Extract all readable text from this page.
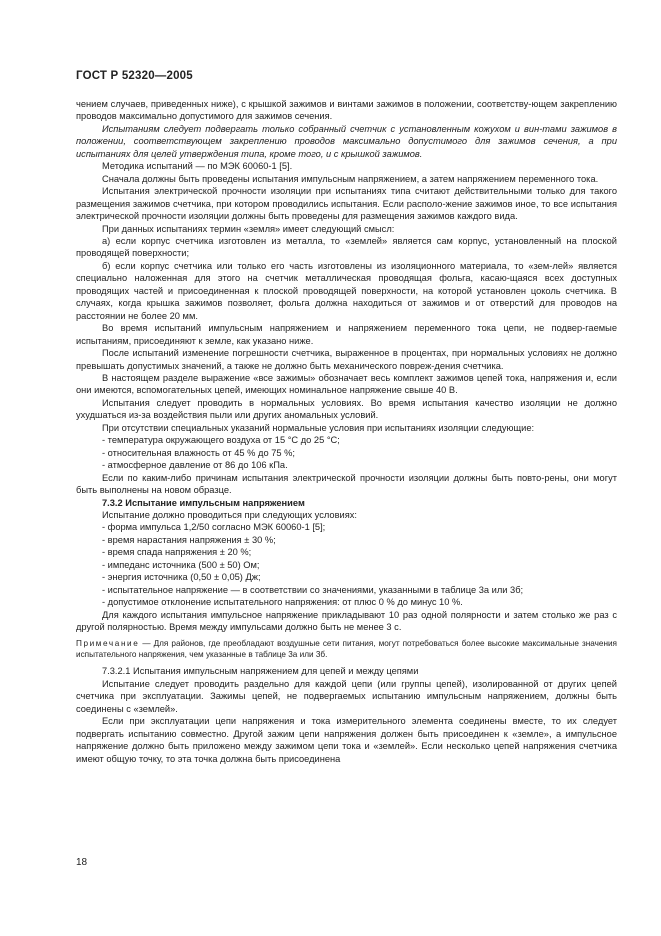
ГОСТ Р 52320—2005

чением случаев, приведенных ниже), с крышкой зажимов и винтами зажимов в положении, соответству-ющем закреплению проводов максимально допустимого для зажимов сечения.

Испытаниям следует подвергать только собранный счетчик с установленным кожухом и вин-тами зажимов в положении, соответствующем закреплению проводов максимально допустимого для зажимов сечения, а при испытаниях для целей утверждения типа, кроме того, и с крышкой зажимов.

Методика испытаний — по МЭК 60060-1 [5].

Сначала должны быть проведены испытания импульсным напряжением, а затем напряжением переменного тока.

Испытания электрической прочности изоляции при испытаниях типа считают действительными только для такого размещения зажимов счетчика, при котором проводились испытания. Если располо-жение зажимов иное, то все испытания электрической прочности изоляции должны быть проведены для размещения зажимов каждого вида.

При данных испытаниях термин «земля» имеет следующий смысл:

а) если корпус счетчика изготовлен из металла, то «землей» является сам корпус, установленный на плоской проводящей поверхности;

б) если корпус счетчика или только его часть изготовлены из изоляционного материала, то «зем-лей» является специально наложенная для этого на счетчик металлическая проводящая фольга, касаю-щаяся всех доступных проводящих частей и присоединенная к плоской проводящей поверхности, на которой установлен цоколь счетчика. В случаях, когда крышка зажимов позволяет, фольга должна находиться от зажимов и от отверстий для проводов на расстоянии не более 20 мм.

Во время испытаний импульсным напряжением и напряжением переменного тока цепи, не подвер-гаемые испытаниям, присоединяют к земле, как указано ниже.

После испытаний изменение погрешности счетчика, выраженное в процентах, при нормальных условиях не должно превышать допустимых значений, а также не должно быть механического повреж-дения счетчика.

В настоящем разделе выражение «все зажимы» обозначает весь комплект зажимов цепей тока, напряжения и, если они имеются, вспомогательных цепей, имеющих номинальное напряжение свыше 40 В.

Испытания следует проводить в нормальных условиях. Во время испытания качество изоляции не должно ухудшаться из-за воздействия пыли или других аномальных условий.

При отсутствии специальных указаний нормальные условия при испытаниях изоляции следующие:

- температура окружающего воздуха от 15 °С до 25 °С;

- относительная влажность от 45 % до 75 %;

- атмосферное давление от 86 до 106 кПа.

Если по каким-либо причинам испытания электрической прочности изоляции должны быть повто-рены, они могут быть выполнены на новом образце.

7.3.2 Испытание импульсным напряжением

Испытание должно проводиться при следующих условиях:

- форма импульса 1,2/50 согласно МЭК 60060-1 [5];

- время нарастания напряжения ± 30 %;

- время спада напряжения ± 20 %;

- импеданс источника (500 ± 50) Ом;

- энергия источника (0,50 ± 0,05) Дж;

- испытательное напряжение — в соответствии со значениями, указанными в таблице 3а или 3б;

- допустимое отклонение испытательного напряжения: от плюс 0 % до минус 10 %.

Для каждого испытания импульсное напряжение прикладывают 10 раз одной полярности и затем столько же раз с другой полярностью. Время между импульсами должно быть не менее 3 с.

Примечание — Для районов, где преобладают воздушные сети питания, могут потребоваться более высокие максимальные значения испытательного напряжения, чем указанные в таблице 3а или 3б.

7.3.2.1 Испытания импульсным напряжением для цепей и между цепями

Испытание следует проводить раздельно для каждой цепи (или группы цепей), изолированной от других цепей счетчика при эксплуатации. Зажимы цепей, не подвергаемых испытанию импульсным напряжением, должны быть соединены с «землей».

Если при эксплуатации цепи напряжения и тока измерительного элемента соединены вместе, то их следует подвергать испытанию совместно. Другой зажим цепи напряжения должен быть присоединен к «земле», а импульсное напряжение должно быть приложено между зажимом цепи тока и «землей». Если несколько цепей напряжения счетчика имеют общую точку, то эта точка должна быть присоединена

18
